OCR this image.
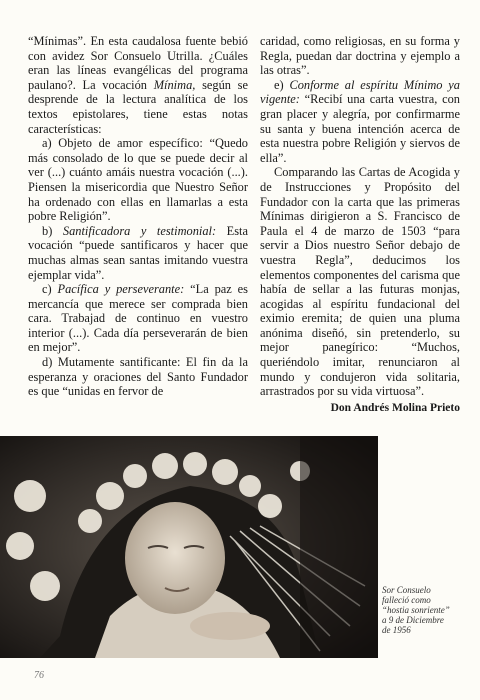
“Mínimas”. En esta caudalosa fuente bebió con avidez Sor Consuelo Utrilla. ¿Cuáles eran las líneas evangélicas del programa paulano?. La vocación Mínima, según se desprende de la lectura analítica de los textos epistolares, tiene estas notas características:

a) Objeto de amor específico: “Quedo más consolado de lo que se puede decir al ver (...) cuánto amáis nuestra vocación (...). Piensen la misericordia que Nuestro Señor ha ordenado con ellas en llamarlas a esta pobre Religión”.

b) Santificadora y testimonial: Esta vocación “puede santificaros y hacer que muchas almas sean santas imitando vuestra ejemplar vida”.

c) Pacífica y perseverante: “La paz es mercancía que merece ser comprada bien cara. Trabajad de continuo en vuestro interior (...). Cada día perseverarán de bien en mejor”.

d) Mutamente santificante: El fin da la esperanza y oraciones del Santo Fundador es que “unidas en fervor de

caridad, como religiosas, en su forma y Regla, puedan dar doctrina y ejemplo a las otras”.

e) Conforme al espíritu Mínimo ya vigente: “Recibí una carta vuestra, con gran placer y alegría, por confirmarme su santa y buena intención acerca de esta nuestra pobre Religión y siervos de ella”.

Comparando las Cartas de Acogida y de Instrucciones y Propósito del Fundador con la carta que las primeras Mínimas dirigieron a S. Francisco de Paula el 4 de marzo de 1503 “para servir a Dios nuestro Señor debajo de vuestra Regla”, deducimos los elementos componentes del carisma que había de sellar a las futuras monjas, acogidas al espíritu fundacional del eximio eremita; de quien una pluma anónima diseñó, sin pretenderlo, su mejor panegírico: “Muchos, queriéndolo imitar, renunciaron al mundo y condujeron vida solitaria, arrastrados por su vida virtuosa”.

Don Andrés Molina Prieto
Sor Consuelo
falleció como
“hostia sonriente”
a 9 de Diciembre
de 1956
76
